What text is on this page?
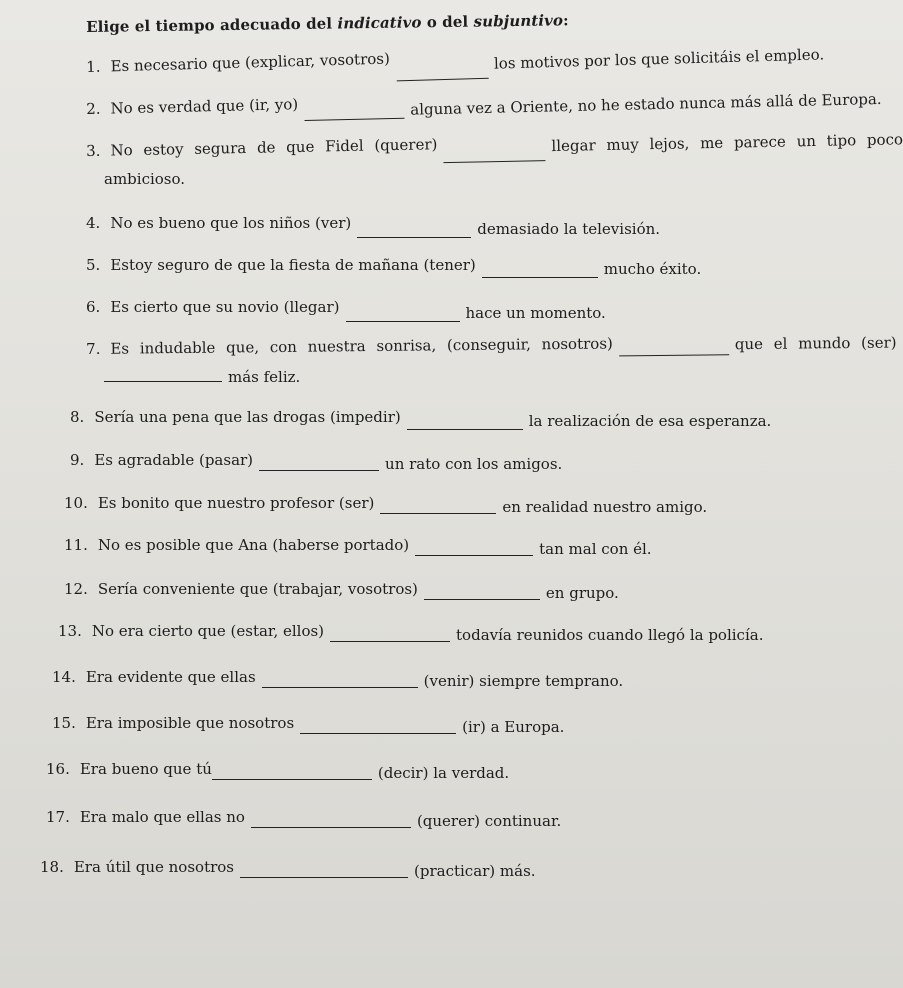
Elige el tiempo adecuado del indicativo o del subjuntivo:
1. Es necesario que (explicar, vosotros)	los motivos por los que solicitáis el empleo.
2. No es verdad que (ir, yo)	alguna vez a Oriente, no he estado nunca más allá de Europa.
3. No estoy segura de que Fidel (querer)	llegar muy lejos, me parece un tipo poco
ambicioso.
4. No es bueno que los niños (ver)	demasiado la televisión.
5. Estoy seguro de que la fiesta de mañana (tener)	mucho éxito.
6. Es cierto que su novio (llegar)	hace un momento.
7. Es indudable que, con nuestra sonrisa, (conseguir, nosotros)	que el mundo (ser)
más feliz.
8. Sería una pena que las drogas (impedir)	la realización de esa esperanza.
9. Es agradable (pasar)	un rato con los amigos.
10. Es bonito que nuestro profesor (ser)	en realidad nuestro amigo.
11. No es posible que Ana (haberse portado)	tan mal con él.
12. Sería conveniente que (trabajar, vosotros)	en grupo.
13. No era cierto que (estar, ellos)	todavía reunidos cuando llegó la policía.
14. Era evidente que ellas	(venir) siempre temprano.
15. Era imposible que nosotros	(ir) a Europa.
16. Era bueno que tú	(decir) la verdad.
17. Era malo que ellas no	(querer) continuar.
18. Era útil que nosotros	(practicar) más.
